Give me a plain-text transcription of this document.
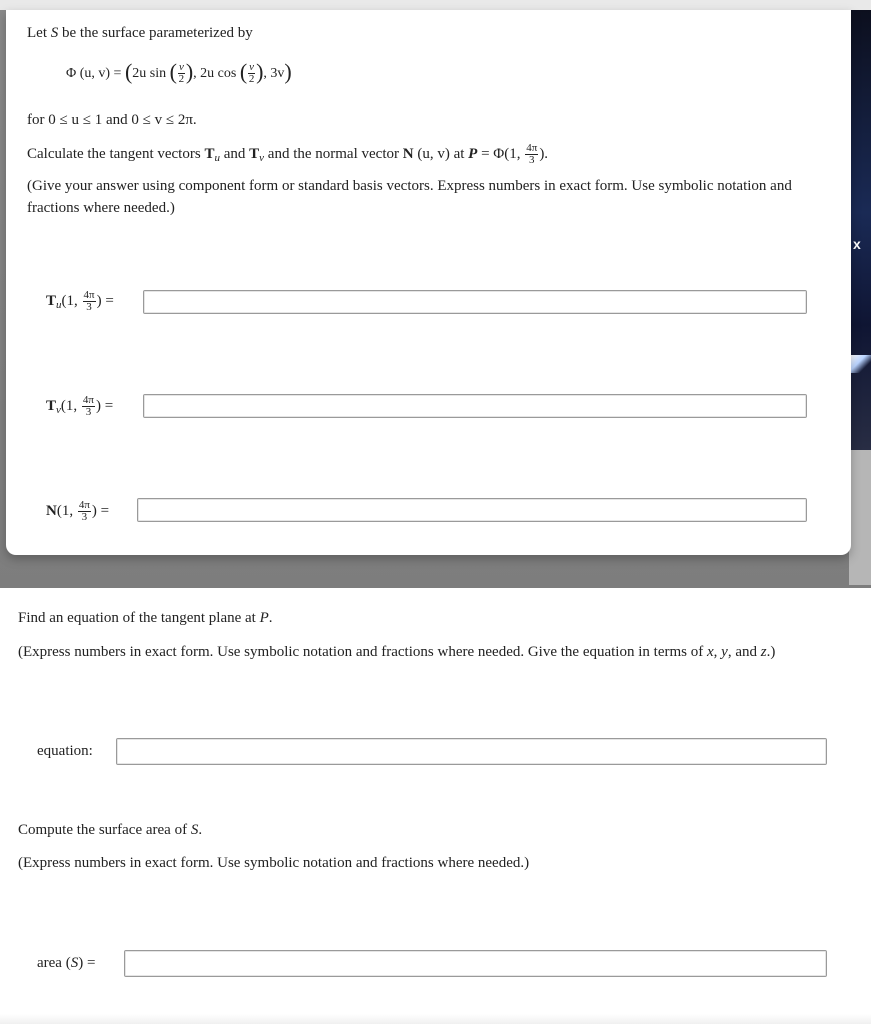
x
Let S be the surface parameterized by
Φ (u, v) = (2u sin ( $\frac{v}{2}$ ), 2u cos ( $\frac{v}{2}$ ), 3v)
for 0 ≤ u ≤ 1 and 0 ≤ v ≤ 2π.
Calculate the tangent vectors $T_u$ and $T_v$ and the normal vector N (u, v) at P = Φ(1, $\frac{4\pi}{3}$ ).
(Give your answer using component form or standard basis vectors. Express numbers in exact form. Use symbolic notation and fractions where needed.)
$T_u(1$, $\frac{4\pi}{3}$ ) =
$T_v(1$, $\frac{4\pi}{3}$ ) =
N(1, $\frac{4\pi}{3}$ ) =
Find an equation of the tangent plane at P.
(Express numbers in exact form. Use symbolic notation and fractions where needed. Give the equation in terms of x, y, and z.)
equation:
Compute the surface area of S.
(Express numbers in exact form. Use symbolic notation and fractions where needed.)
area (S) =
